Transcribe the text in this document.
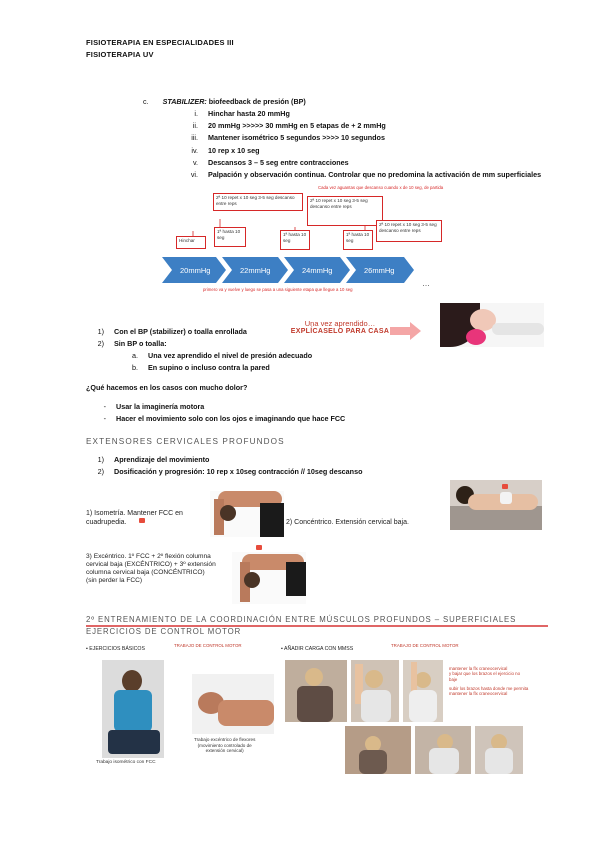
FISIOTERAPIA EN ESPECIALIDADES III
FISIOTERAPIA UV
c. STABILIZER: biofeedback de presión (BP)
i. Hinchar hasta 20 mmHg
ii. 20 mmHg >>>>> 30 mmHg en 5 etapas de + 2 mmHg
iii. Mantener isométrico 5 segundos >>>> 10 segundos
iv. 10 rep x 10 seg
v. Descansos 3 – 5 seg entre contracciones
vi. Palpación y observación continua. Controlar que no predomina la activación de mm superficiales
20mmHg	22mmHg	24mmHg	26mmHg
…
Cada vez aguantas que descanso cuando x de 10 seg, de partida
Hinchar
1ª hasta 10 seg
2ª 10 repet x 10 seg 3-5 seg descanso entre reps
1ª hasta 10 seg
2ª 10 repet x 10 seg 3-5 seg descanso entre reps
1ª hasta 10 seg
2ª 10 repet x 10 seg 3-5 seg descanso entre reps
primero va y vuelve y luego se pasa a una siguiente etapa que llegue a 10 seg
Una vez aprendido…
EXPLÍCASELO PARA CASA
1) Con el BP (stabilizer) o toalla enrollada
2) Sin BP o toalla:
a. Una vez aprendido el nivel de presión adecuado
b. En supino o incluso contra la pared
¿Qué hacemos en los casos con mucho dolor?
- Usar la imaginería motora
- Hacer el movimiento solo con los ojos e imaginando que hace FCC
EXTENSORES CERVICALES PROFUNDOS
1) Aprendizaje del movimiento
2) Dosificación y progresión: 10 rep x 10seg contracción // 10seg descanso
1) Isometría. Mantener FCC en
cuadrupedia.	2) Concéntrico. Extensión cervical baja.
3) Excéntrico. 1º FCC + 2º flexión columna
cervical baja (EXCÉNTRICO) + 3º extensión
columna cervical baja (CONCÉNTRICO)
(sin perder la FCC)
2º ENTRENAMIENTO DE LA COORDINACIÓN ENTRE MÚSCULOS PROFUNDOS – SUPERFICIALES
EJERCICIOS DE CONTROL MOTOR
▪ EJERCICIOS BÁSICOS
TRABAJO DE CONTROL MOTOR
Trabajo isométrico con FCC
Trabajo excéntrico de flexores
(movimiento controlado de
extensión cervical)
▪ AÑADIR CARGA CON MMSS
TRABAJO DE CONTROL MOTOR
mantener la flx craneocervical
y bajar que los brazos el ejercicio no
baje
subir los brazos hasta donde me permita
mantener la flx craneocervical
